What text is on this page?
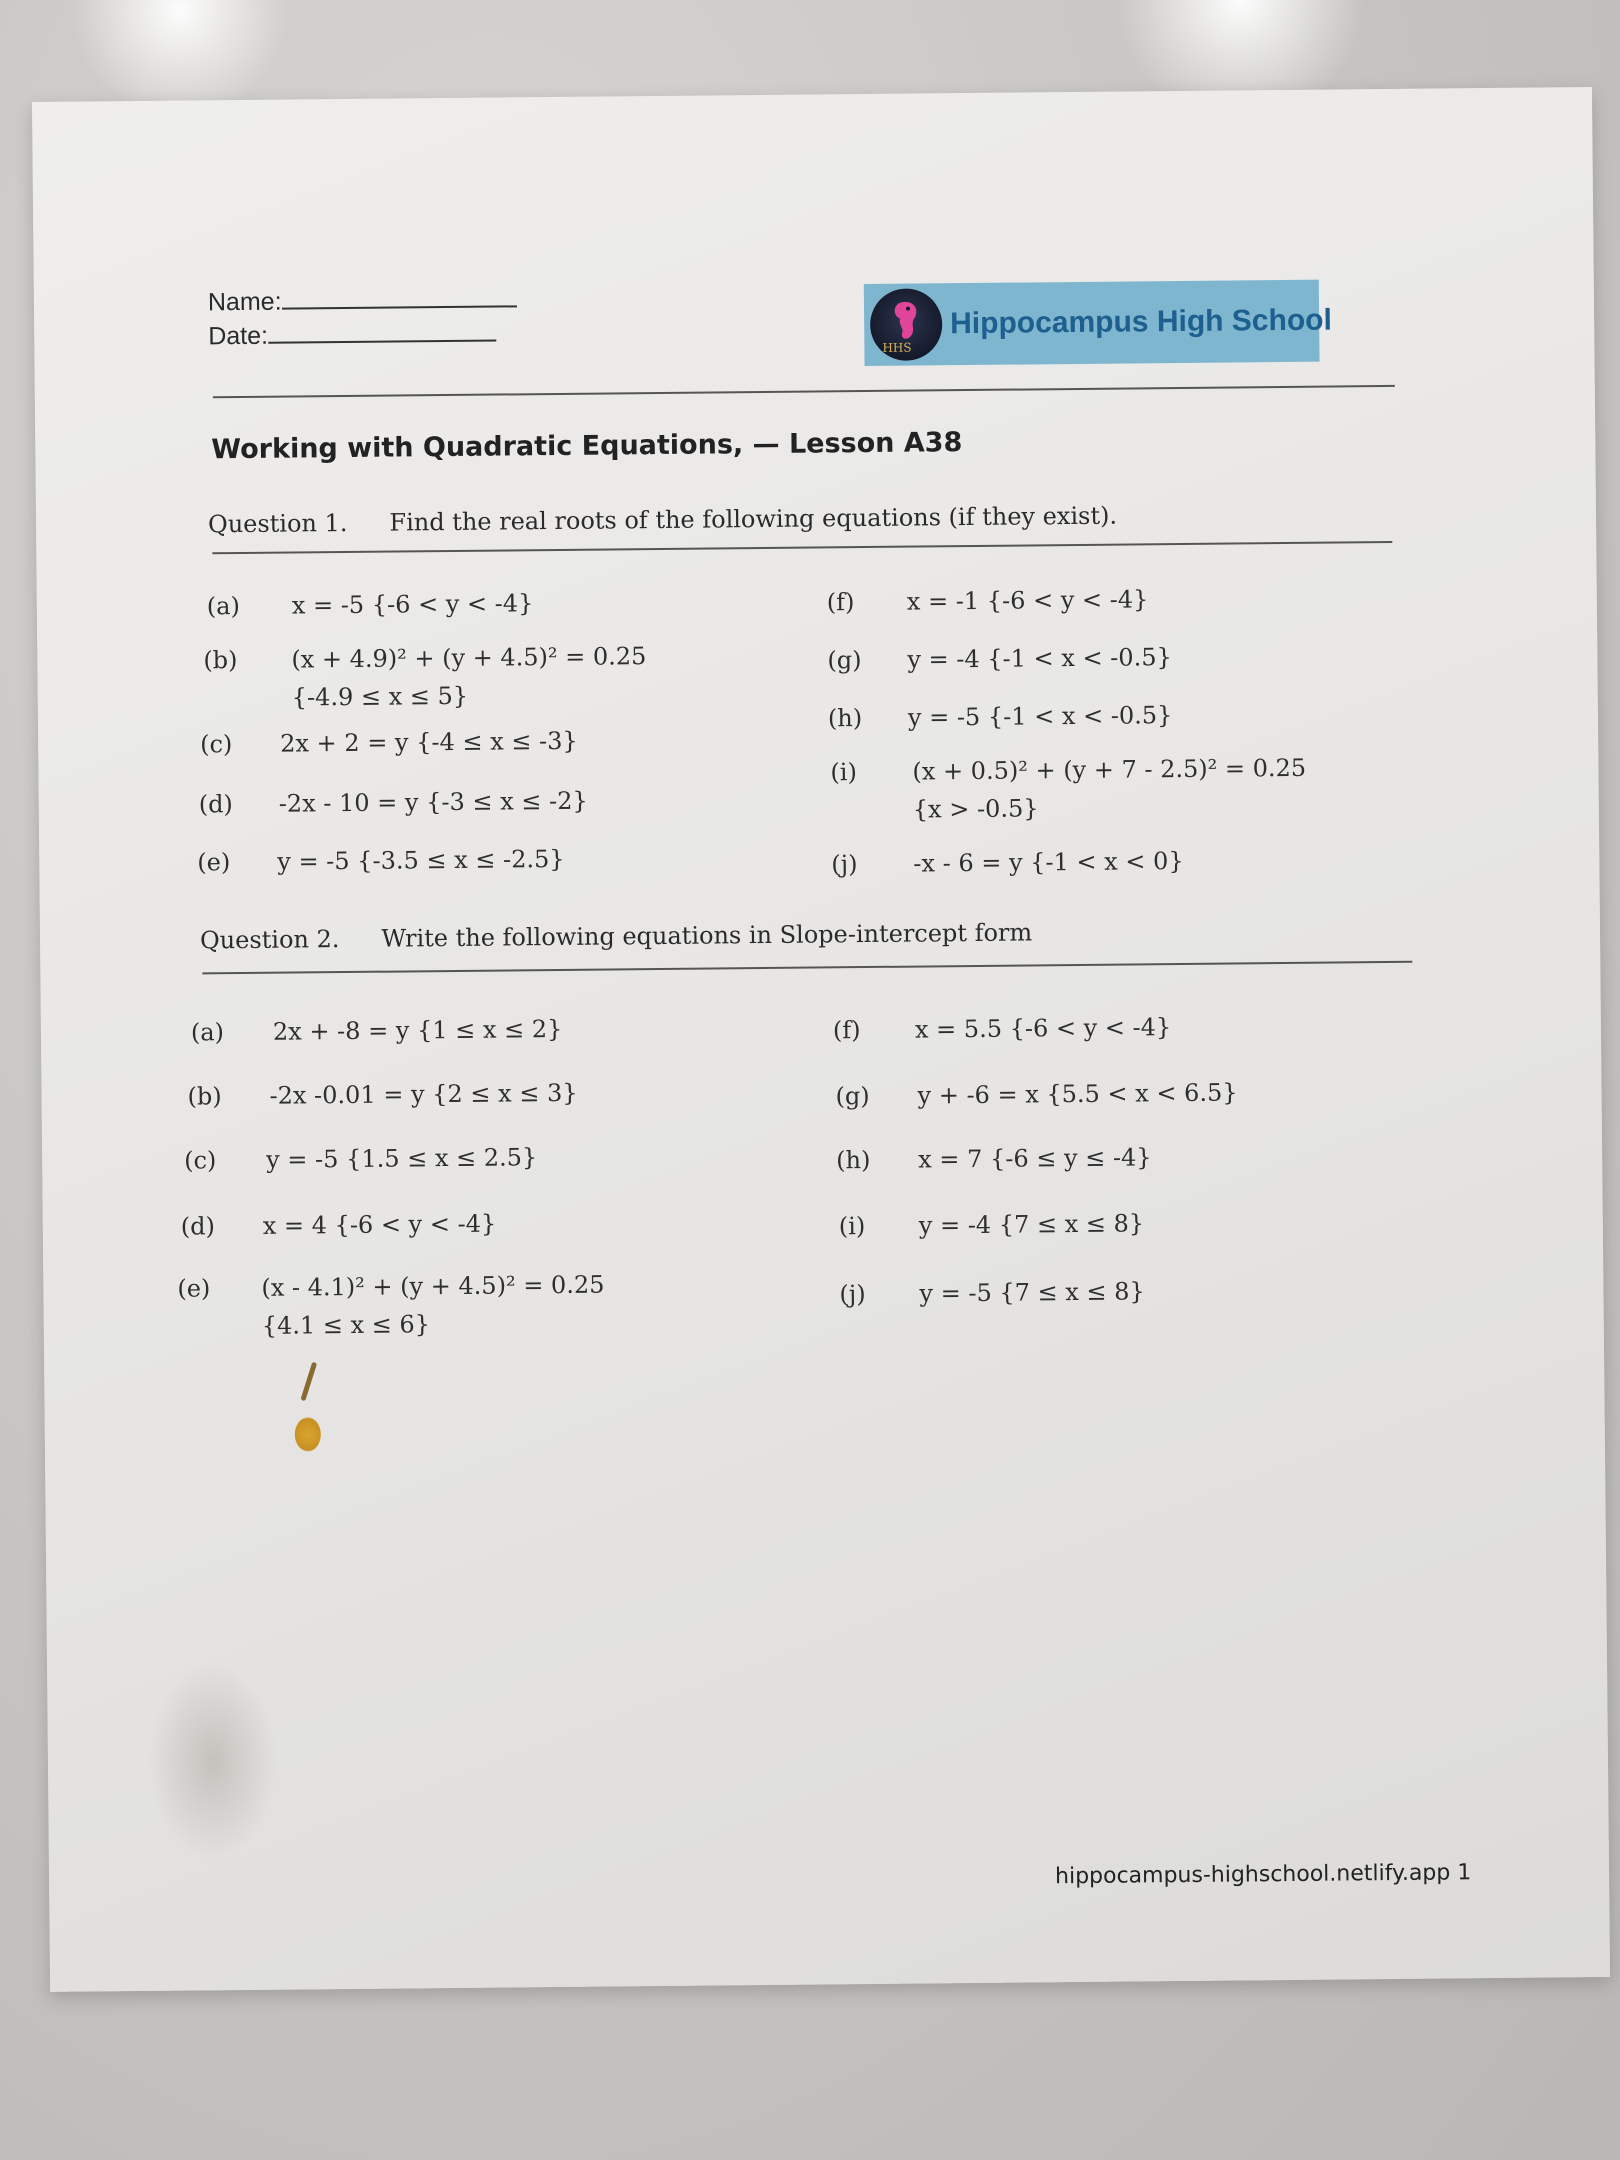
Name:
Date:	HHS
Hippocampus High School
Working with Quadratic Equations, — Lesson A38
Question 1. Find the real roots of the following equations (if they exist).
(a) x = -5 {-6 < y < -4}
(b) (x + 4.9)² + (y + 4.5)² = 0.25
{-4.9 ≤ x ≤ 5}
(c) 2x + 2 = y {-4 ≤ x ≤ -3}
(d) -2x - 10 = y {-3 ≤ x ≤ -2}
(e) y = -5 {-3.5 ≤ x ≤ -2.5}
(f) x = -1 {-6 < y < -4}
(g) y = -4 {-1 < x < -0.5}
(h) y = -5 {-1 < x < -0.5}
(i) (x + 0.5)² + (y + 7 - 2.5)² = 0.25
{x > -0.5}
(j) -x - 6 = y {-1 < x < 0}
Question 2. Write the following equations in Slope-intercept form
(a) 2x + -8 = y {1 ≤ x ≤ 2}
(b) -2x -0.01 = y {2 ≤ x ≤ 3}
(c) y = -5 {1.5 ≤ x ≤ 2.5}
(d) x = 4 {-6 < y < -4}
(e) (x - 4.1)² + (y + 4.5)² = 0.25
{4.1 ≤ x ≤ 6}
(f) x = 5.5 {-6 < y < -4}
(g) y + -6 = x {5.5 < x < 6.5}
(h) x = 7 {-6 ≤ y ≤ -4}
(i) y = -4 {7 ≤ x ≤ 8}
(j) y = -5 {7 ≤ x ≤ 8}
hippocampus-highschool.netlify.app 1
